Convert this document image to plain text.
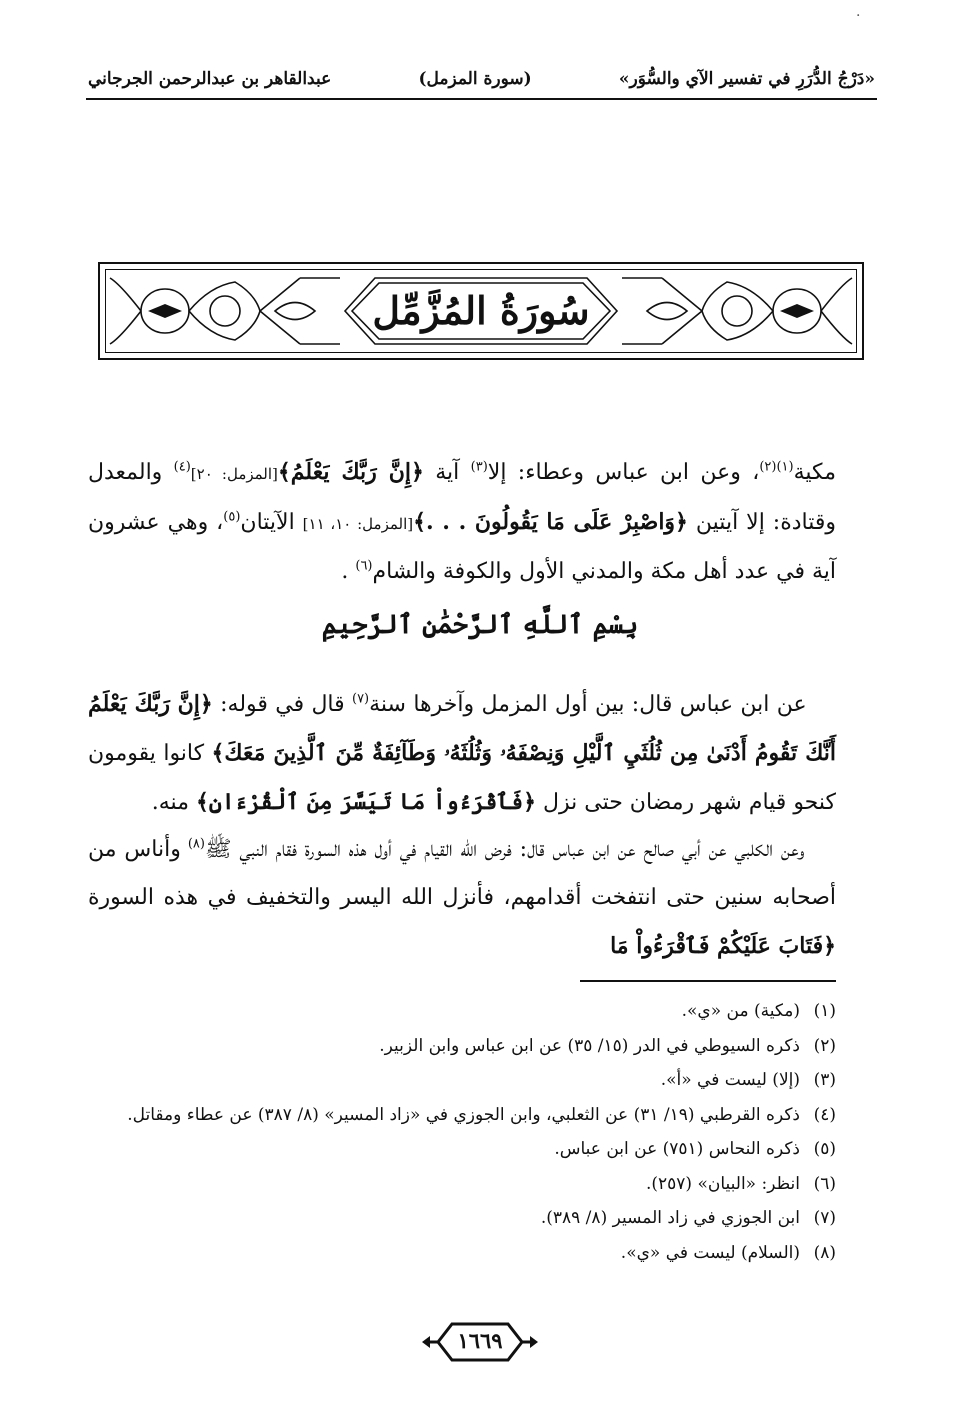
·
«دَرْجُ الدُّرَرِ في تفسير الآي والسُّوَر»
(سورة المزمل)
عبدالقاهر بن عبدالرحمن الجرجاني
سُورَةُ المُزَّمِّل
مكية$^{(١)(٢)}$، وعن ابن عباس وعطاء: إلا$^{(٣)}$ آية ﴿إِنَّ رَبَّكَ يَعْلَمُ﴾[المزمل: ٢٠]$^{(٤)}$ والمعدل وقتادة: إلا آيتين ﴿وَاصْبِرْ عَلَى مَا يَقُولُونَ . . .﴾[المزمل: ١٠، ١١] الآيتان$^{(٥)}$، وهي عشرون آية في عدد أهل مكة والمدني الأول والكوفة والشام$^{(٦)}$ .
بِسْمِ ٱللَّهِ ٱلرَّحْمَٰنِ ٱلرَّحِيمِ
عن ابن عباس قال: بين أول المزمل وآخرها سنة$^{(٧)}$ قال في قوله: ﴿إِنَّ رَبَّكَ يَعْلَمُ أَنَّكَ تَقُومُ أَدْنَىٰ مِن ثُلُثَيِ ٱلَّيْلِ وَنِصْفَهُۥ وَثُلُثَهُۥ وَطَآئِفَةٌ مِّنَ ٱلَّذِينَ مَعَكَ﴾ كانوا يقومون كنحو قيام شهر رمضان حتى نزل ﴿فَٱقْرَءُواْ مَا تَيَسَّرَ مِنَ ٱلْقُرْءَانِ﴾ منه.
وعن الكلبي عن أبي صالح عن ابن عباس قال: فرض الله القيام في أول هذه السورة فقام النبي ﷺ$^{(٨)}$ وأناس من أصحابه سنين حتى انتفخت أقدامهم، فأنزل الله اليسر والتخفيف في هذه السورة ﴿فَتَابَ عَلَيْكُمْ فَٱقْرَءُواْ مَا
(١)
(مكية) من «ي».
(٢)
ذكره السيوطي في الدر (١٥/ ٣٥) عن ابن عباس وابن الزبير.
(٣)
(إلا) ليست في «أ».
(٤)
ذكره القرطبي (١٩/ ٣١) عن الثعلبي، وابن الجوزي في «زاد المسير» (٨/ ٣٨٧) عن عطاء ومقاتل.
(٥)
ذكره النحاس (٧٥١) عن ابن عباس.
(٦)
انظر: «البيان» (٢٥٧).
(٧)
ابن الجوزي في زاد المسير (٨/ ٣٨٩).
(٨)
(السلام) ليست في «ي».
١٦٦٩
